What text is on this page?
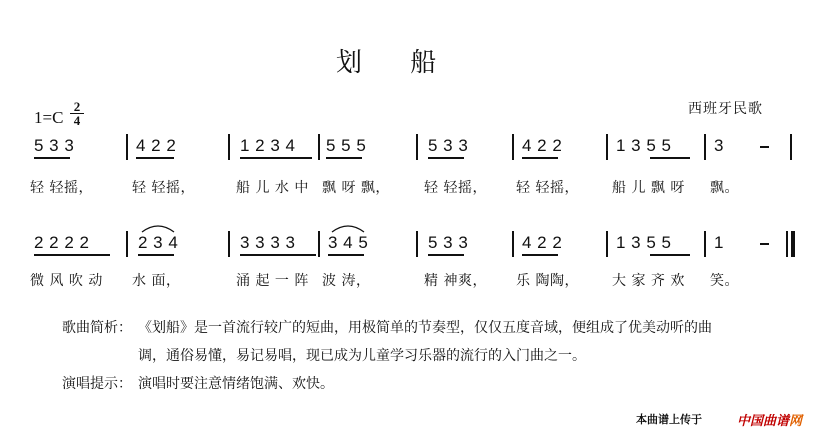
划 船
1=C
2
4
西班牙民歌
5 3 3	4 2 2	1 2 3 4 5 5 5	5 3 3	4 2 2	1 3 5 5	3
轻 轻摇，	轻 轻摇，	船 儿 水 中 飘 呀 飘， 轻 轻摇， 轻 轻摇， 船 儿 飘 呀 飘。
2 2 2 2	2 3 4	3 3 3 3 3 4 5	5 3 3	4 2 2	1 3 5 5	1
微 风 吹 动 水 面，	涌 起 一 阵 波 涛，	精 神爽， 乐 陶陶， 大 家 齐 欢 笑。
歌曲简析： 《划船》是一首流行较广的短曲，用极简单的节奏型，仅仅五度音域，便组成了优美动听的曲
调，通俗易懂，易记易唱，现已成为儿童学习乐器的流行的入门曲之一。
演唱提示： 演唱时要注意情绪饱满、欢快。
本曲谱上传于	中国曲谱网
